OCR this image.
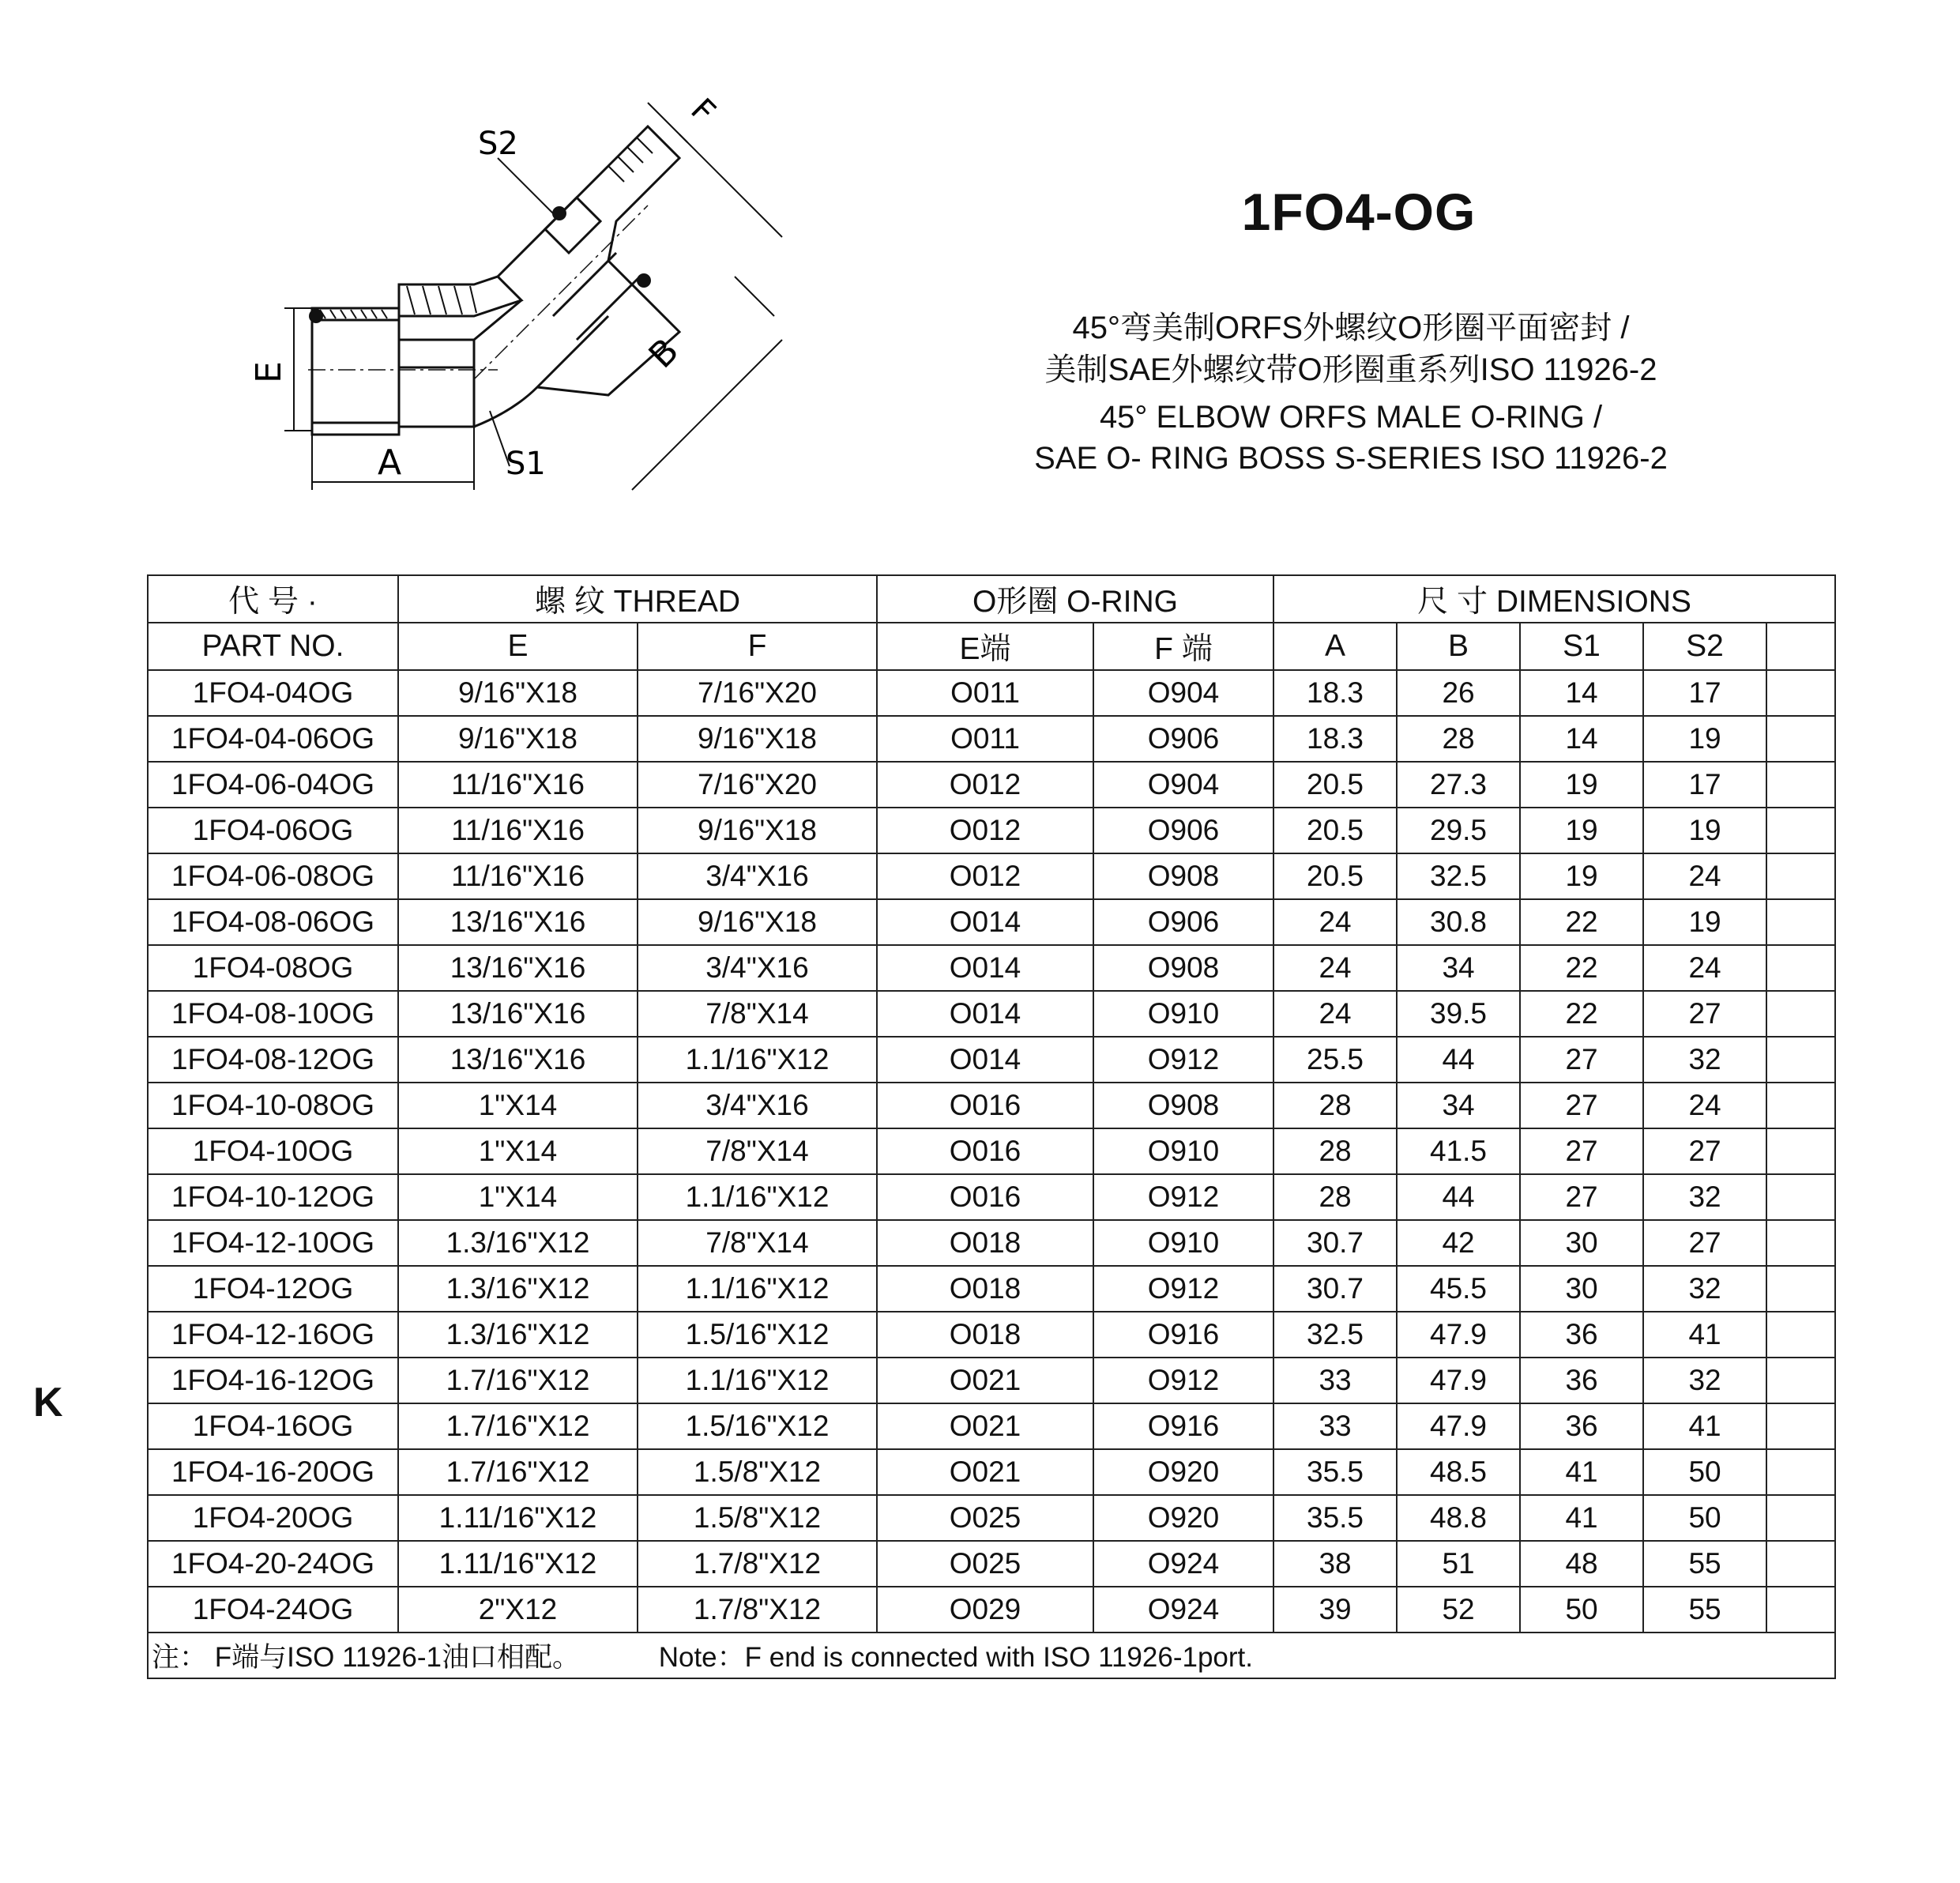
S2
S1
A
E	B
F
1FO4-OG
45°弯美制ORFS外螺纹O形圈平面密封 /
美制SAE外螺纹带O形圈重系列ISO 11926-2
45° ELBOW ORFS MALE O-RING /
SAE O- RING BOSS S-SERIES ISO 11926-2
K
代 号 ·	螺 纹 THREAD		O形圈 O-RING		尺 寸 DIMENSIONS				
PART NO.	E	F	E端	F 端	A	B	S1	S2	
1FO4-04OG	9/16"X18	7/16"X20	O011	O904	18.3	26	14	17	
1FO4-04-06OG	9/16"X18	9/16"X18	O011	O906	18.3	28	14	19	
1FO4-06-04OG	11/16"X16	7/16"X20	O012	O904	20.5	27.3	19	17	
1FO4-06OG	11/16"X16	9/16"X18	O012	O906	20.5	29.5	19	19	
1FO4-06-08OG	11/16"X16	3/4"X16	O012	O908	20.5	32.5	19	24	
1FO4-08-06OG	13/16"X16	9/16"X18	O014	O906	24	30.8	22	19	
1FO4-08OG	13/16"X16	3/4"X16	O014	O908	24	34	22	24	
1FO4-08-10OG	13/16"X16	7/8"X14	O014	O910	24	39.5	22	27	
1FO4-08-12OG	13/16"X16	1.1/16"X12	O014	O912	25.5	44	27	32	
1FO4-10-08OG	1"X14	3/4"X16	O016	O908	28	34	27	24	
1FO4-10OG	1"X14	7/8"X14	O016	O910	28	41.5	27	27	
1FO4-10-12OG	1"X14	1.1/16"X12	O016	O912	28	44	27	32	
1FO4-12-10OG	1.3/16"X12	7/8"X14	O018	O910	30.7	42	30	27	
1FO4-12OG	1.3/16"X12	1.1/16"X12	O018	O912	30.7	45.5	30	32	
1FO4-12-16OG	1.3/16"X12	1.5/16"X12	O018	O916	32.5	47.9	36	41	
1FO4-16-12OG	1.7/16"X12	1.1/16"X12	O021	O912	33	47.9	36	32	
1FO4-16OG	1.7/16"X12	1.5/16"X12	O021	O916	33	47.9	36	41	
1FO4-16-20OG	1.7/16"X12	1.5/8"X12	O021	O920	35.5	48.5	41	50	
1FO4-20OG	1.11/16"X12	1.5/8"X12	O025	O920	35.5	48.8	41	50	
1FO4-20-24OG	1.11/16"X12	1.7/8"X12	O025	O924	38	51	48	55	
1FO4-24OG	2"X12	1.7/8"X12	O029	O924	39	52	50	55	
注： F端与ISO 11926-1油口相配。 Note：F end is connected with ISO 11926-1port.									
